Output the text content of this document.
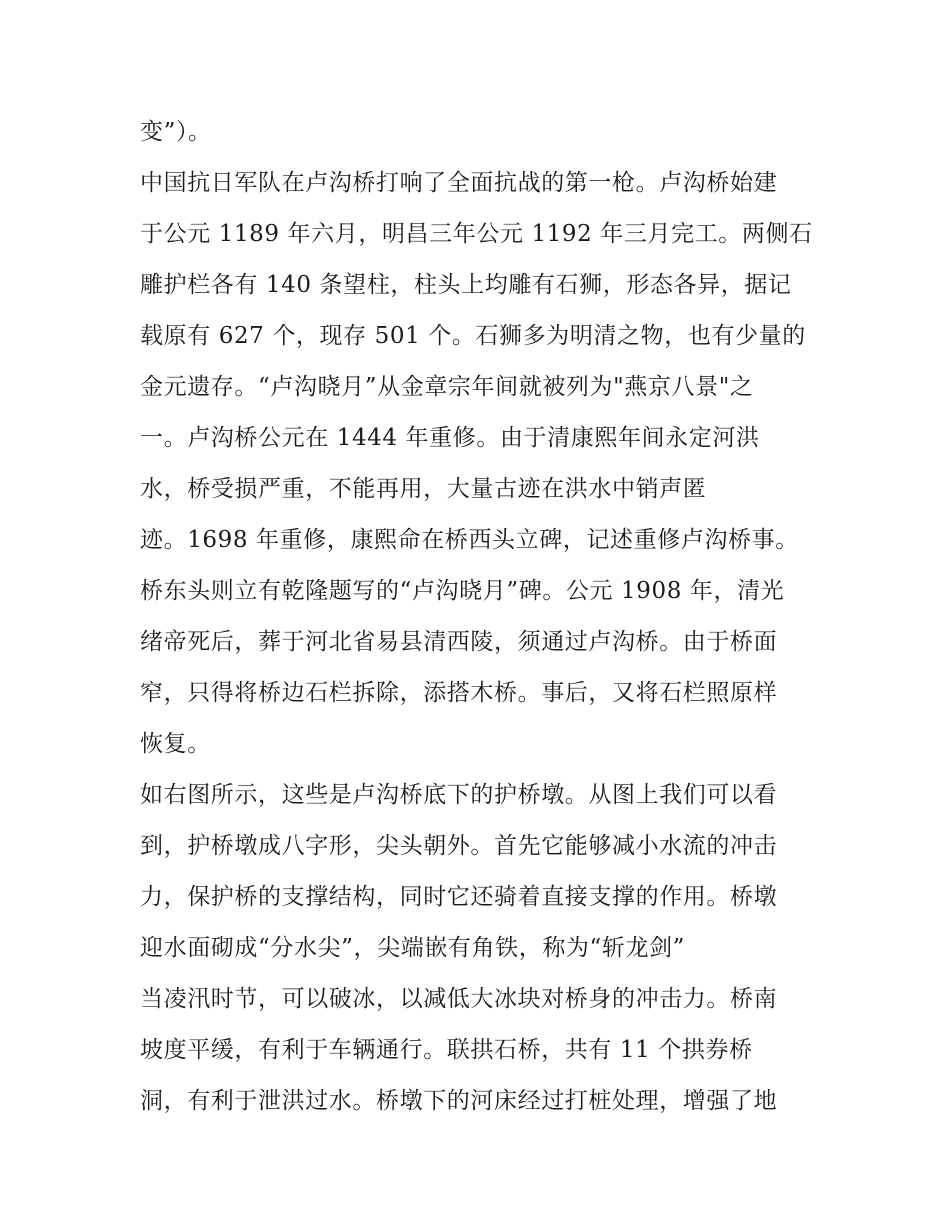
变”）。
中国抗日军队在卢沟桥打响了全面抗战的第一枪。卢沟桥始建
于公元 1189 年六月，明昌三年公元 1192 年三月完工。两侧石
雕护栏各有 140 条望柱，柱头上均雕有石狮，形态各异，据记
载原有 627 个，现存 501 个。石狮多为明清之物，也有少量的
金元遗存。“卢沟晓月”从金章宗年间就被列为"燕京八景"之
一。卢沟桥公元在 1444 年重修。由于清康熙年间永定河洪
水，桥受损严重，不能再用，大量古迹在洪水中销声匿
迹。1698 年重修，康熙命在桥西头立碑，记述重修卢沟桥事。
桥东头则立有乾隆题写的“卢沟晓月”碑。公元 1908 年，清光
绪帝死后，葬于河北省易县清西陵，须通过卢沟桥。由于桥面
窄，只得将桥边石栏拆除，添搭木桥。事后，又将石栏照原样
恢复。
如右图所示，这些是卢沟桥底下的护桥墩。从图上我们可以看
到，护桥墩成八字形，尖头朝外。首先它能够减小水流的冲击
力，保护桥的支撑结构，同时它还骑着直接支撑的作用。桥墩
迎水面砌成“分水尖”，尖端嵌有角铁，称为“斩龙剑”
当凌汛时节，可以破冰，以减低大冰块对桥身的冲击力。桥南
坡度平缓，有利于车辆通行。联拱石桥，共有 11 个拱券桥
洞，有利于泄洪过水。桥墩下的河床经过打桩处理，增强了地
